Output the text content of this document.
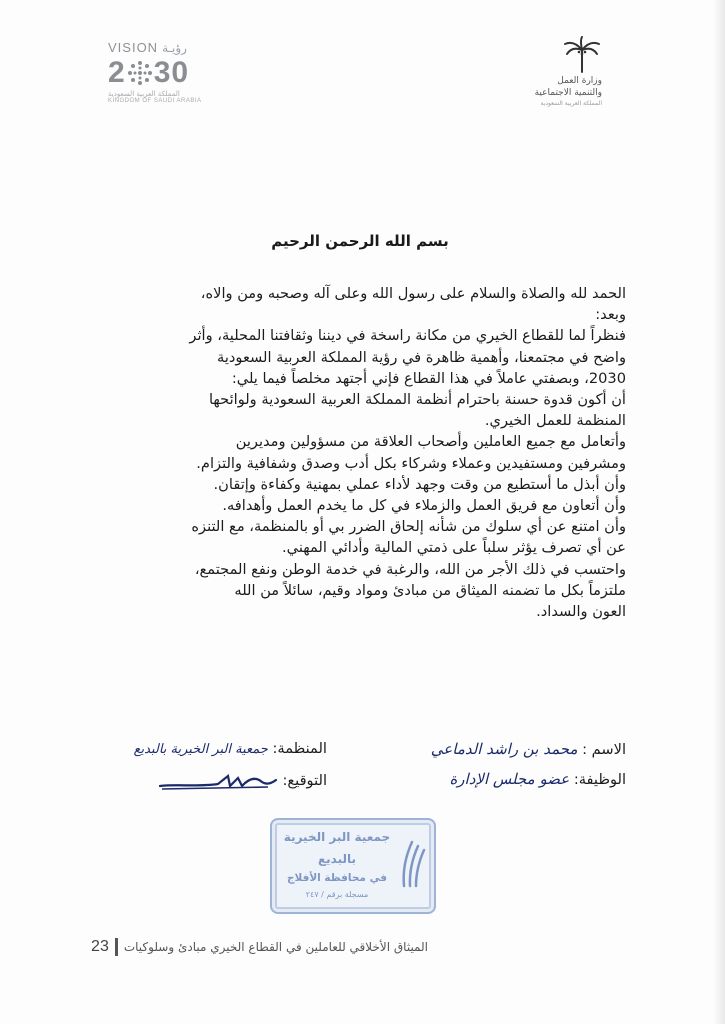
VISION رؤيـة
2 30
المملكة العربية السعودية
KINGDOM OF SAUDI ARABIA
وزارة العمل
والتنمية الاجتماعية
المملكة العربية السعودية
بسم الله الرحمن الرحيم

الحمد لله والصلاة والسلام على رسول الله وعلى آله وصحبه ومن والاه،

وبعد:

فنظراً لما للقطاع الخيري من مكانة راسخة في ديننا وثقافتنا المحلية، وأثر

واضح في مجتمعنا، وأهمية ظاهرة في رؤية المملكة العربية السعودية

2030، وبصفتي عاملاً في هذا القطاع فإني أجتهد مخلصاً فيما يلي:

أن أكون قدوة حسنة باحترام أنظمة المملكة العربية السعودية ولوائحها

المنظمة للعمل الخيري.

وأتعامل مع جميع العاملين وأصحاب العلاقة من مسؤولين ومديرين

ومشرفين ومستفيدين وعملاء وشركاء بكل أدب وصدق وشفافية والتزام.

وأن أبذل ما أستطيع من وقت وجهد لأداء عملي بمهنية وكفاءة وإتقان.

وأن أتعاون مع فريق العمل والزملاء في كل ما يخدم العمل وأهدافه.

وأن امتنع عن أي سلوك من شأنه إلحاق الضرر بي أو بالمنظمة، مع التنزه

عن أي تصرف يؤثر سلباً على ذمتي المالية وأدائي المهني.

واحتسب في ذلك الأجر من الله، والرغبة في خدمة الوطن ونفع المجتمع،

ملتزماً بكل ما تضمنه الميثاق من مبادئ ومواد وقيم، سائلاً من الله

العون والسداد.

الاسم : محمد بن راشد الدماعي
الوظيفة: عضو مجلس الإدارة
المنظمة: جمعية البر الخيرية بالبديع
التوقيع:
جمعية البر الخيرية
بالبديع
في محافظة الأفلاج
مسجلة برقم / ٢٤٧
الميثاق الأخلاقي للعاملين في القطاع الخيري مبادئ وسلوكيات
23
